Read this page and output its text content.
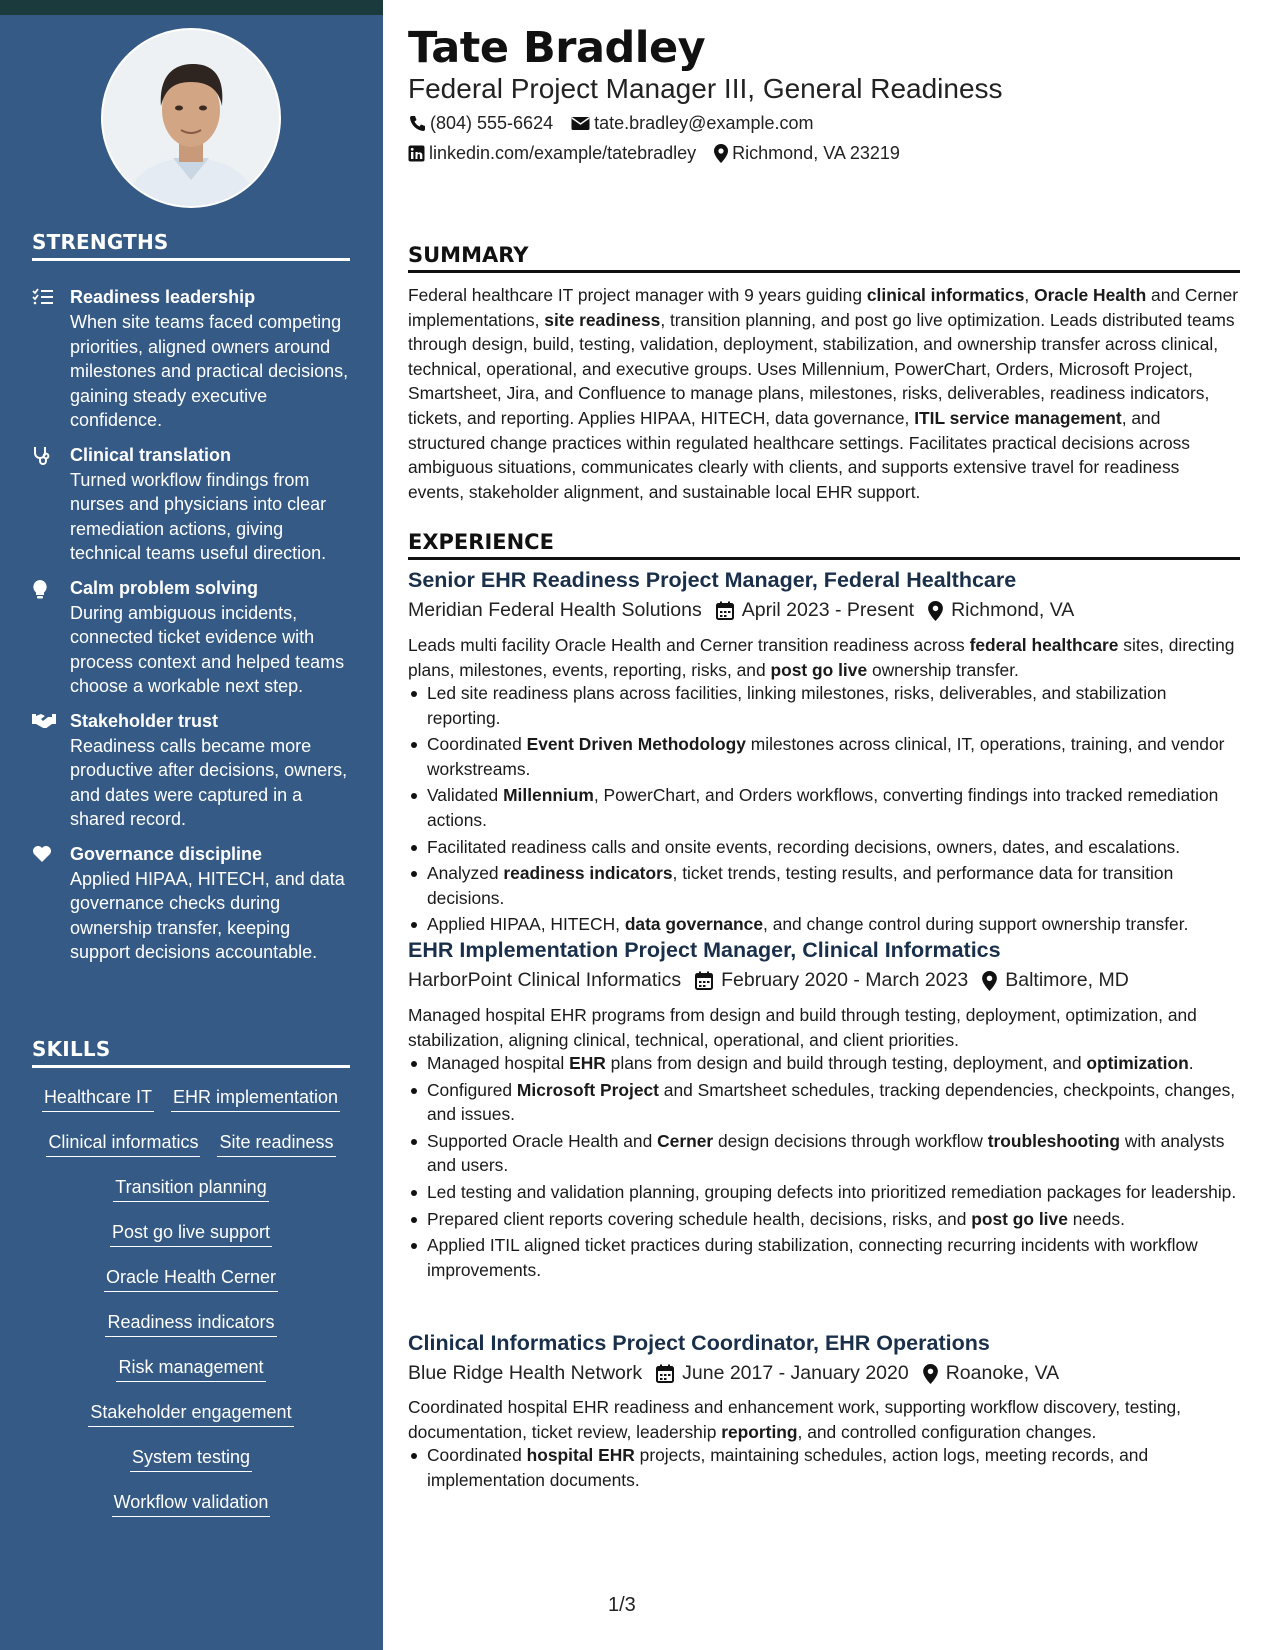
STRENGTHS
Readiness leadership
When site teams faced competing priorities, aligned owners around milestones and practical decisions, gaining steady executive confidence.
Clinical translation
Turned workflow findings from nurses and physicians into clear remediation actions, giving technical teams useful direction.
Calm problem solving
During ambiguous incidents, connected ticket evidence with process context and helped teams choose a workable next step.
Stakeholder trust
Readiness calls became more productive after decisions, owners, and dates were captured in a shared record.
Governance discipline
Applied HIPAA, HITECH, and data governance checks during ownership transfer, keeping support decisions accountable.
SKILLS
Healthcare IT EHR implementation
Clinical informatics Site readiness
Transition planning
Post go live support
Oracle Health Cerner
Readiness indicators
Risk management
Stakeholder engagement
System testing
Workflow validation
Tate Bradley
Federal Project Manager III, General Readiness
(804) 555-6624 tate.bradley@example.com
linkedin.com/example/tatebradley Richmond, VA 23219
SUMMARY
Federal healthcare IT project manager with 9 years guiding clinical informatics, Oracle Health and Cerner implementations, site readiness, transition planning, and post go live optimization. Leads distributed teams through design, build, testing, validation, deployment, stabilization, and ownership transfer across clinical, technical, operational, and executive groups. Uses Millennium, PowerChart, Orders, Microsoft Project, Smartsheet, Jira, and Confluence to manage plans, milestones, risks, deliverables, readiness indicators, tickets, and reporting. Applies HIPAA, HITECH, data governance, ITIL service management, and structured change practices within regulated healthcare settings. Facilitates practical decisions across ambiguous situations, communicates clearly with clients, and supports extensive travel for readiness events, stakeholder alignment, and sustainable local EHR support.
EXPERIENCE
Senior EHR Readiness Project Manager, Federal Healthcare
Meridian Federal Health Solutions April 2023 - Present Richmond, VA
Leads multi facility Oracle Health and Cerner transition readiness across federal healthcare sites, directing plans, milestones, events, reporting, risks, and post go live ownership transfer.
Led site readiness plans across facilities, linking milestones, risks, deliverables, and stabilization reporting.
Coordinated Event Driven Methodology milestones across clinical, IT, operations, training, and vendor workstreams.
Validated Millennium, PowerChart, and Orders workflows, converting findings into tracked remediation actions.
Facilitated readiness calls and onsite events, recording decisions, owners, dates, and escalations.
Analyzed readiness indicators, ticket trends, testing results, and performance data for transition decisions.
Applied HIPAA, HITECH, data governance, and change control during support ownership transfer.
EHR Implementation Project Manager, Clinical Informatics
HarborPoint Clinical Informatics February 2020 - March 2023 Baltimore, MD
Managed hospital EHR programs from design and build through testing, deployment, optimization, and stabilization, aligning clinical, technical, operational, and client priorities.
Managed hospital EHR plans from design and build through testing, deployment, and optimization.
Configured Microsoft Project and Smartsheet schedules, tracking dependencies, checkpoints, changes, and issues.
Supported Oracle Health and Cerner design decisions through workflow troubleshooting with analysts and users.
Led testing and validation planning, grouping defects into prioritized remediation packages for leadership.
Prepared client reports covering schedule health, decisions, risks, and post go live needs.
Applied ITIL aligned ticket practices during stabilization, connecting recurring incidents with workflow improvements.
Clinical Informatics Project Coordinator, EHR Operations
Blue Ridge Health Network June 2017 - January 2020 Roanoke, VA
Coordinated hospital EHR readiness and enhancement work, supporting workflow discovery, testing, documentation, ticket review, leadership reporting, and controlled configuration changes.
Coordinated hospital EHR projects, maintaining schedules, action logs, meeting records, and implementation documents.
1/3
